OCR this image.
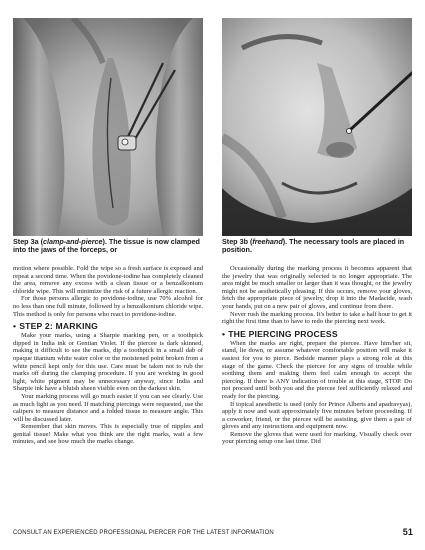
Step 3a (clamp-and-pierce). The tissue is now clamped into the jaws of the forceps, or
Step 3b (freehand). The necessary tools are placed in position.

motion where possible. Fold the wipe so a fresh surface is exposed and repeat a second time. When the povidone-iodine has completely cleaned the area, remove any excess with a clean tissue or a benzalkonium chloride wipe. This will minimize the risk of a future allergic reaction.

For those persons allergic to povidone-iodine, use 70% alcohol for no less than one full minute, followed by a benzalkonium chloride wipe. This method is only for persons who react to povidone-iodine.

• STEP 2: MARKING

Make your marks, using a Sharpie marking pen, or a toothpick dipped in India ink or Gentian Violet. If the piercee is dark skinned, making it difficult to see the marks, dip a toothpick in a small dab of opaque titanium white water color or the moistened point broken from a white pencil kept only for this use. Care must be taken not to rub the marks off during the clamping procedure. If you are working in good light, white pigment may be unnecessary anyway, since India and Sharpie ink have a bluish sheen visible even on the darkest skin.

Your marking process will go much easier if you can see clearly. Use as much light as you need. If matching piercings were requested, use the calipers to measure distance and a folded tissue to measure angle. This will be discussed later.

Remember that skin moves. This is especially true of nipples and genital tissue! Make what you think are the right marks, wait a few minutes, and see how much the marks change.

Occasionally during the marking process it becomes apparent that the jewelry that was originally selected is no longer appropriate. The area might be much smaller or larger than it was thought, or the jewelry might not be aesthetically pleasing. If this occurs, remove your gloves, fetch the appropriate piece of jewelry, drop it into the Madacide, wash your hands, put on a new pair of gloves, and continue from there.

Never rush the marking process. It's better to take a half hour to get it right the first time than to have to redo the piercing next week.

• THE PIERCING PROCESS

When the marks are right, prepare the piercee. Have him/her sit, stand, lie down, or assume whatever comfortable position will make it easiest for you to pierce. Bedside manner plays a strong role at this stage of the game. Check the piercee for any signs of trouble while soothing them and making them feel calm enough to accept the piercing. If there is ANY indication of trouble at this stage, STOP. Do not proceed until both you and the piercee feel sufficiently relaxed and ready for the piercing.

If topical anesthetic is used (only for Prince Alberts and apadravyas), apply it now and wait approximately five minutes before proceeding. If a coworker, friend, or the piercee will be assisting, give them a pair of gloves and any instructions and equipment now.

Remove the gloves that were used for marking. Visually check over your piercing setup one last time. Did

CONSULT AN EXPERIENCED PROFESSIONAL PIERCER FOR THE LATEST INFORMATION	51
